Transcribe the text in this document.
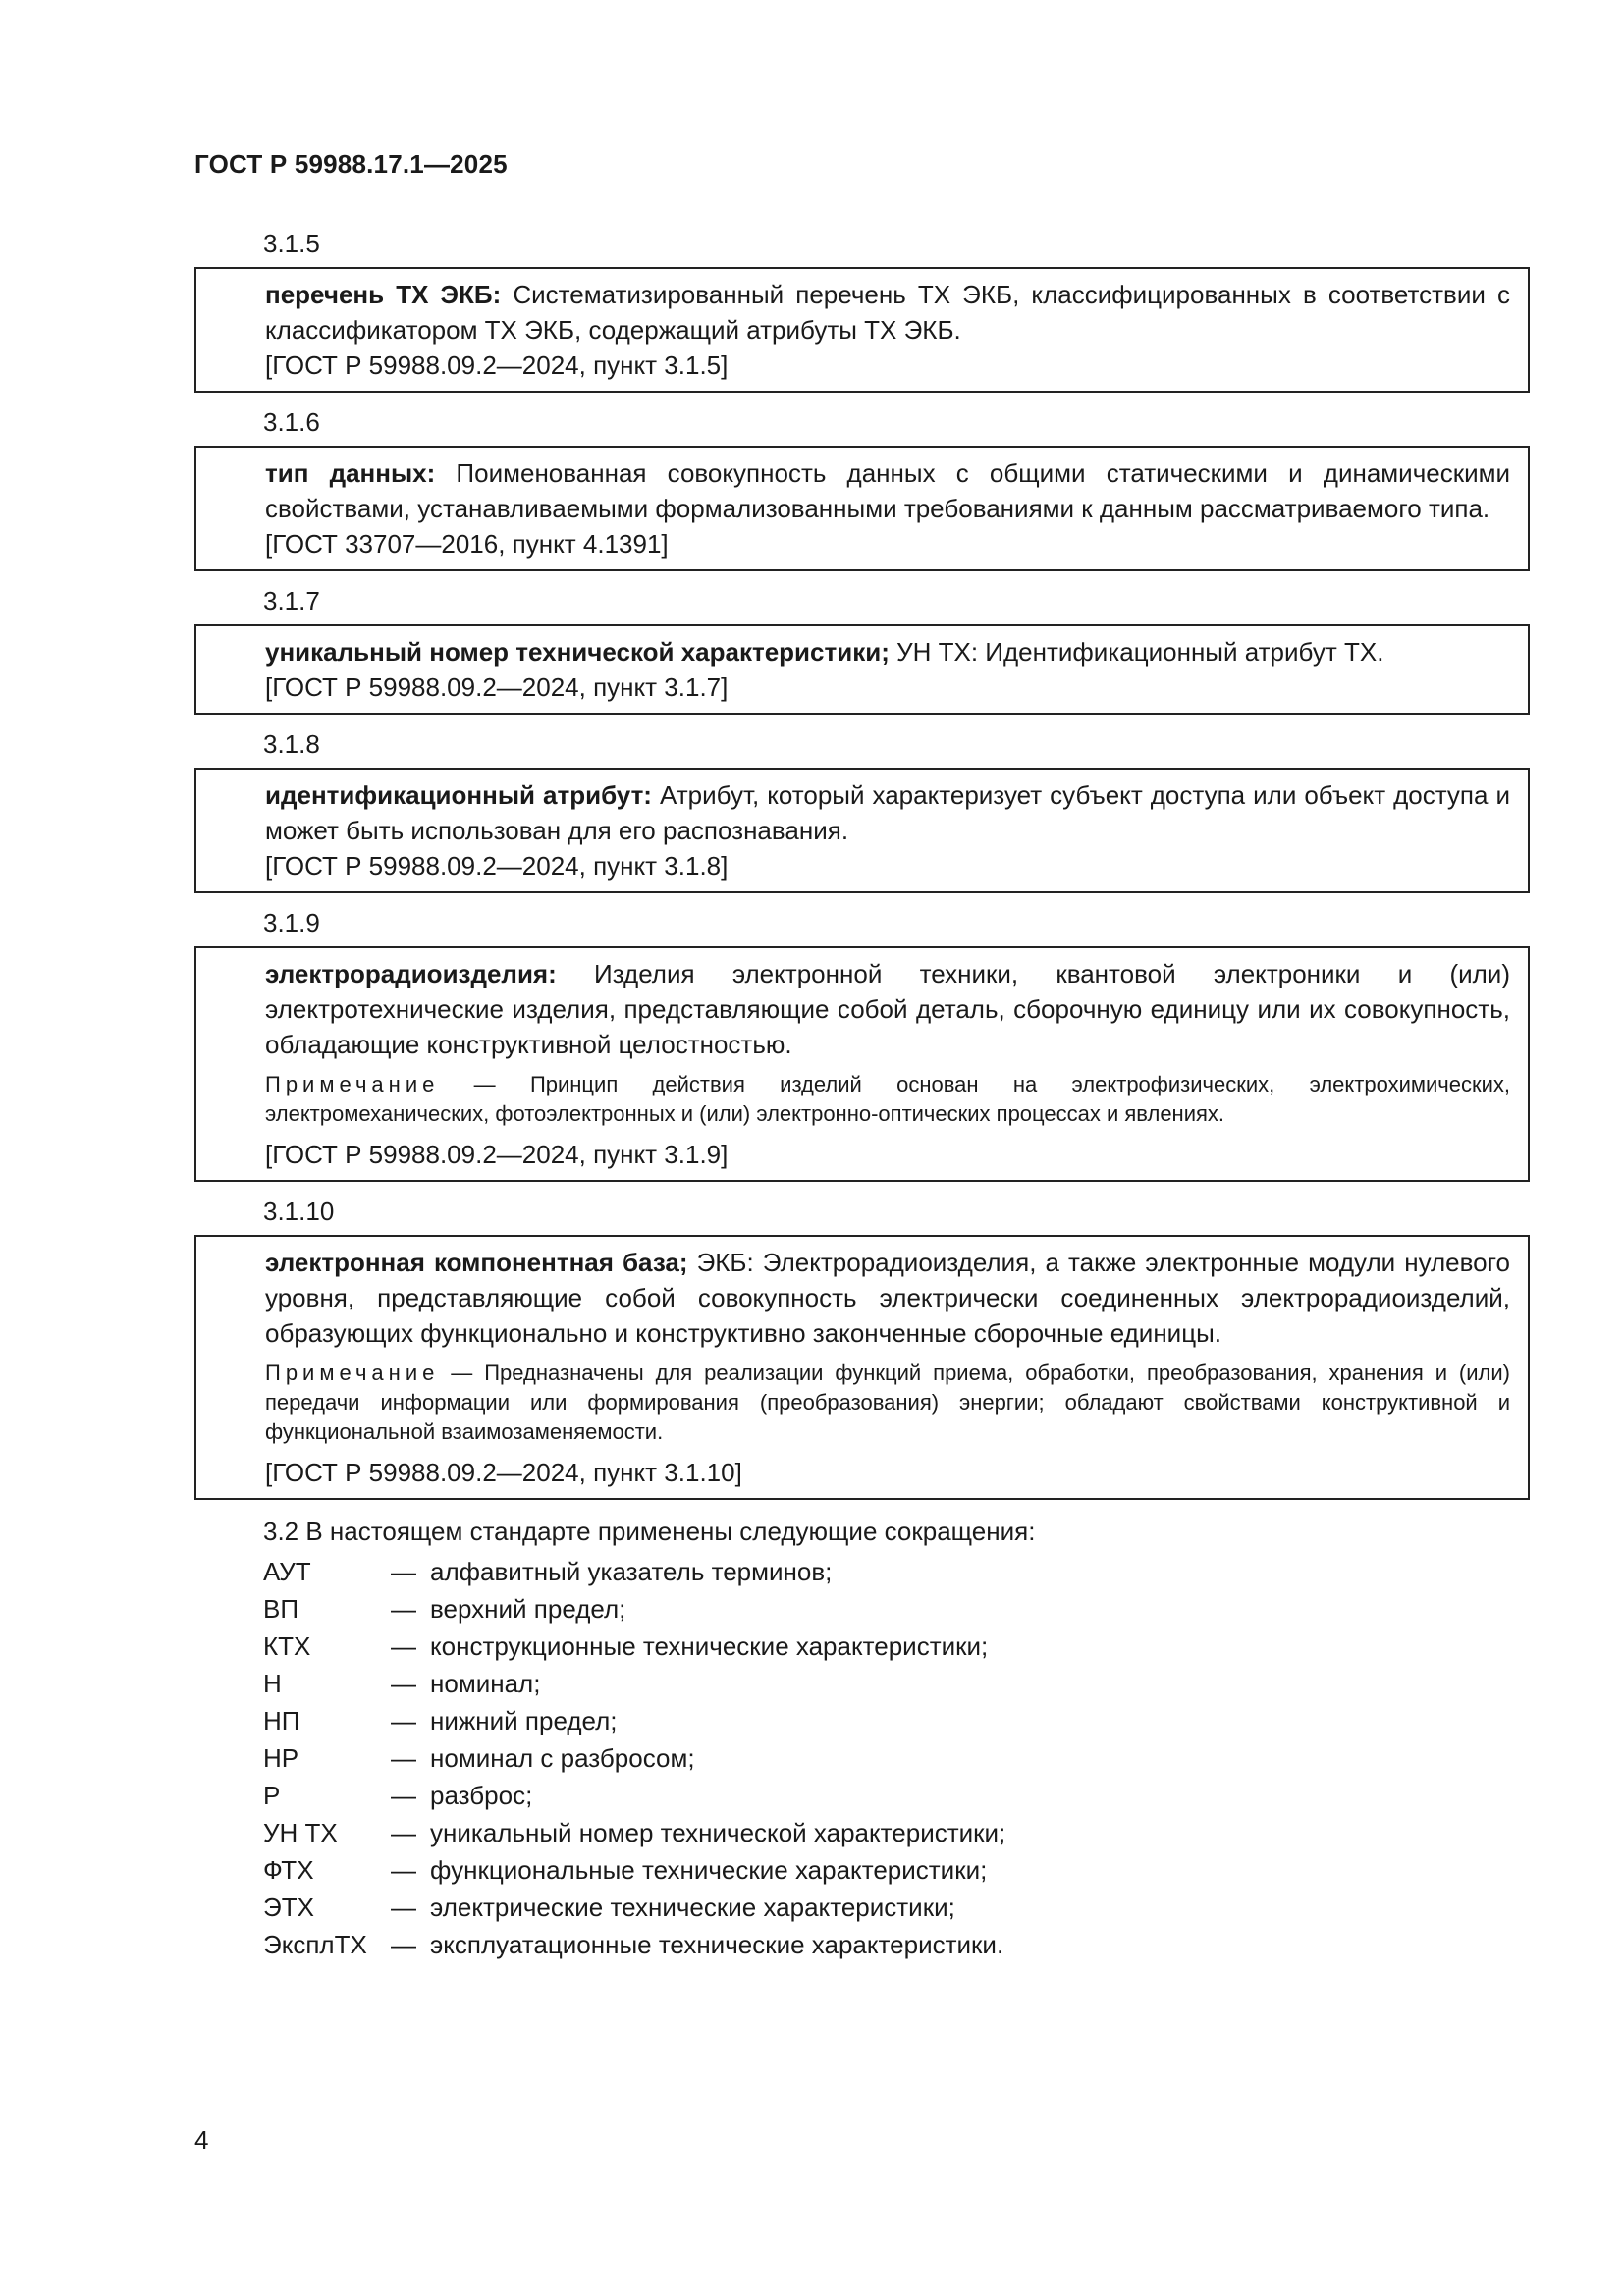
ГОСТ Р 59988.17.1—2025
3.1.5

перечень ТХ ЭКБ: Систематизированный перечень ТХ ЭКБ, классифицированных в соответствии с классификатором ТХ ЭКБ, содержащий атрибуты ТХ ЭКБ.

[ГОСТ Р 59988.09.2—2024, пункт 3.1.5]

3.1.6

тип данных: Поименованная совокупность данных с общими статическими и динамическими свойствами, устанавливаемыми формализованными требованиями к данным рассматриваемого типа.

[ГОСТ 33707—2016, пункт 4.1391]

3.1.7

уникальный номер технической характеристики; УН ТХ: Идентификационный атрибут ТХ.

[ГОСТ Р 59988.09.2—2024, пункт 3.1.7]

3.1.8

идентификационный атрибут: Атрибут, который характеризует субъект доступа или объект доступа и может быть использован для его распознавания.

[ГОСТ Р 59988.09.2—2024, пункт 3.1.8]

3.1.9

электрорадиоизделия: Изделия электронной техники, квантовой электроники и (или) электротехнические изделия, представляющие собой деталь, сборочную единицу или их совокупность, обладающие конструктивной целостностью.

Примечание — Принцип действия изделий основан на электрофизических, электрохимических, электромеханических, фотоэлектронных и (или) электронно-оптических процессах и явлениях.

[ГОСТ Р 59988.09.2—2024, пункт 3.1.9]

3.1.10

электронная компонентная база; ЭКБ: Электрорадиоизделия, а также электронные модули нулевого уровня, представляющие собой совокупность электрически соединенных электрорадиоизделий, образующих функционально и конструктивно законченные сборочные единицы.

Примечание — Предназначены для реализации функций приема, обработки, преобразования, хранения и (или) передачи информации или формирования (преобразования) энергии; обладают свойствами конструктивной и функциональной взаимозаменяемости.

[ГОСТ Р 59988.09.2—2024, пункт 3.1.10]

3.2 В настоящем стандарте применены следующие сокращения:
АУТ	—	алфавитный указатель терминов;
ВП	—	верхний предел;
КТХ	—	конструкционные технические характеристики;
Н	—	номинал;
НП	—	нижний предел;
НР	—	номинал с разбросом;
Р	—	разброс;
УН ТХ	—	уникальный номер технической характеристики;
ФТХ	—	функциональные технические характеристики;
ЭТХ	—	электрические технические характеристики;
ЭксплТХ	—	эксплуатационные технические характеристики.
4
